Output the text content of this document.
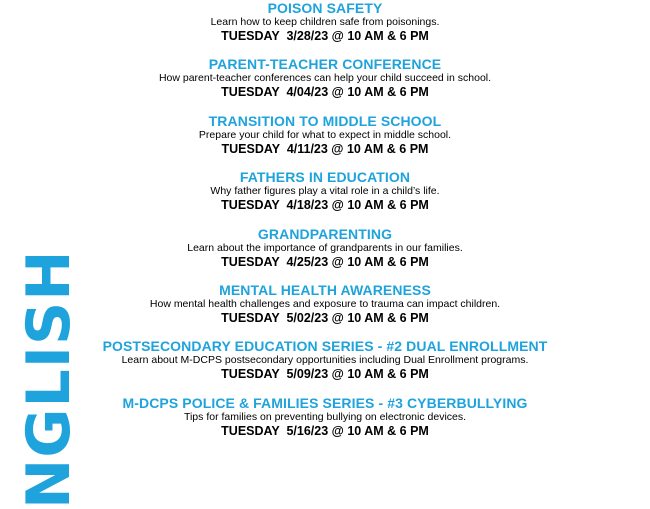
NGLISH
POISON SAFETY
Learn how to keep children safe from poisonings.
TUESDAY  3/28/23 @ 10 AM & 6 PM
PARENT-TEACHER CONFERENCE
How parent-teacher conferences can help your child succeed in school.
TUESDAY  4/04/23 @ 10 AM & 6 PM
TRANSITION TO MIDDLE SCHOOL
Prepare your child for what to expect in middle school.
TUESDAY  4/11/23 @ 10 AM & 6 PM
FATHERS IN EDUCATION
Why father figures play a vital role in a child’s life.
TUESDAY  4/18/23 @ 10 AM & 6 PM
GRANDPARENTING
Learn about the importance of grandparents in our families.
TUESDAY  4/25/23 @ 10 AM & 6 PM
MENTAL HEALTH AWARENESS
How mental health challenges and exposure to trauma can impact children.
TUESDAY  5/02/23 @ 10 AM & 6 PM
POSTSECONDARY EDUCATION SERIES - #2 DUAL ENROLLMENT
Learn about M-DCPS postsecondary opportunities including Dual Enrollment programs.
TUESDAY  5/09/23 @ 10 AM & 6 PM
M-DCPS POLICE & FAMILIES SERIES - #3 CYBERBULLYING
Tips for families on preventing bullying on electronic devices.
TUESDAY  5/16/23 @ 10 AM & 6 PM
